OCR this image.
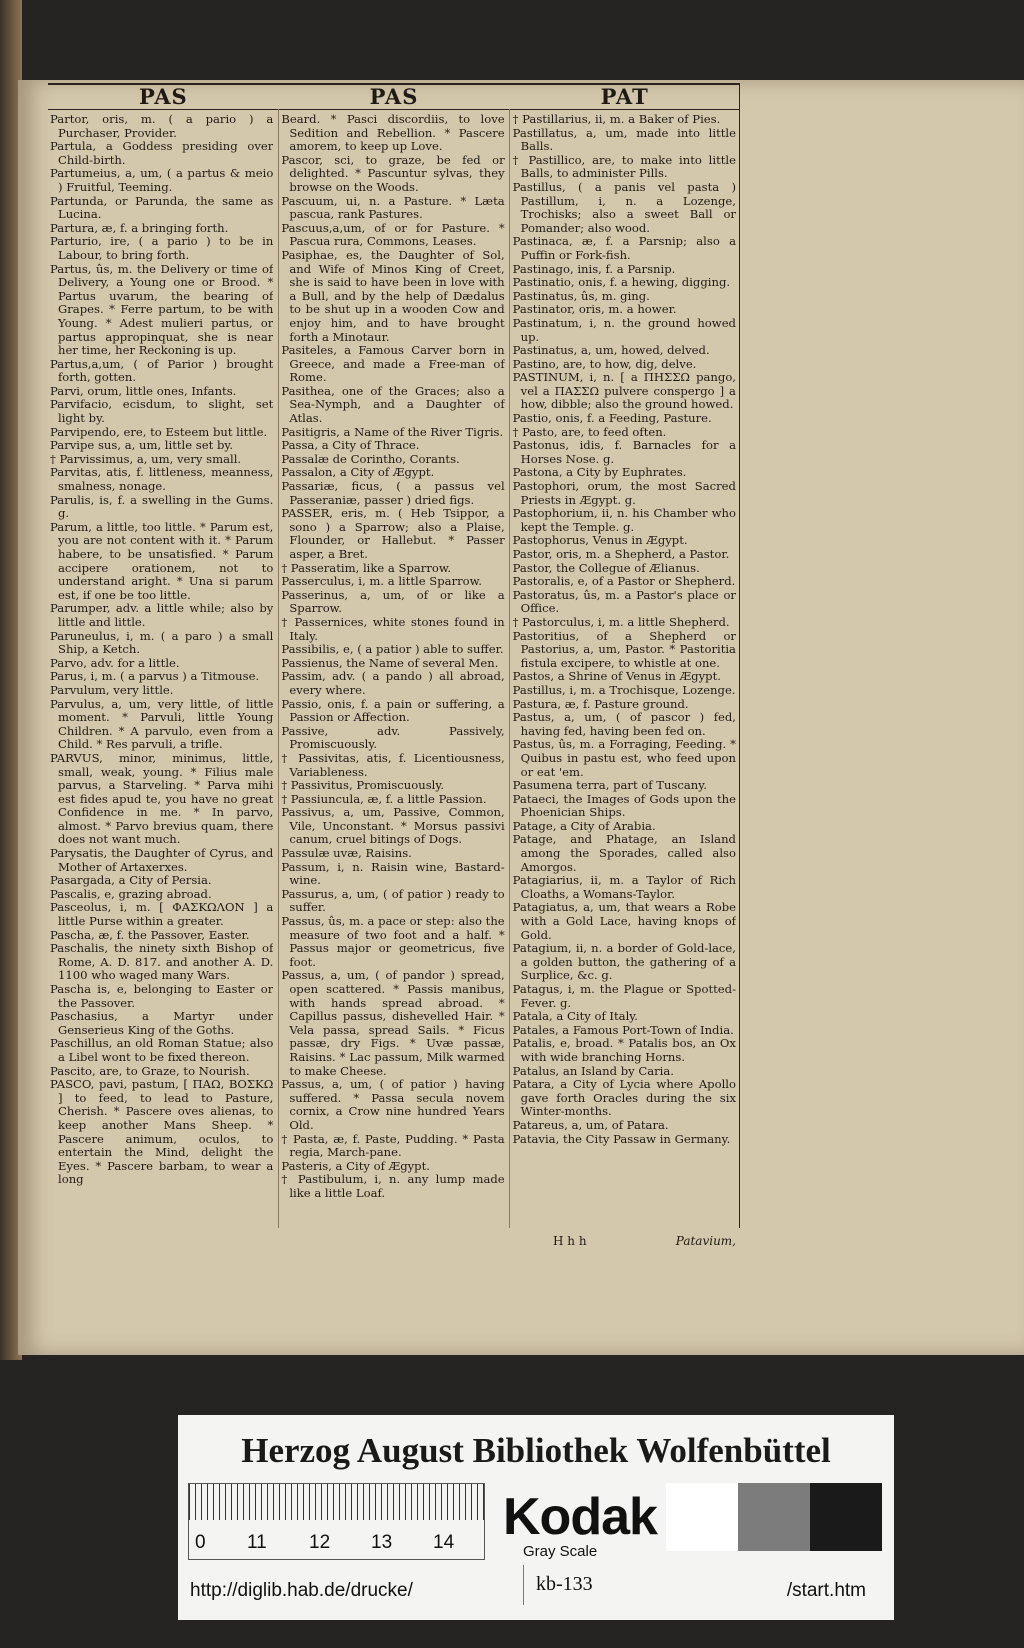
PAS	PAS	PAT

Partor, oris, m. ( a pario ) a Purchaser, Provider.

Partula, a Goddess presiding over Child-birth.

Partumeius, a, um, ( a partus & meio ) Fruitful, Teeming.

Partunda, or Parunda, the same as Lucina.

Partura, æ, f. a bringing forth.

Parturio, ire, ( a pario ) to be in Labour, to bring forth.

Partus, ûs, m. the Delivery or time of Delivery, a Young one or Brood. * Partus uvarum, the bearing of Grapes. * Ferre partum, to be with Young. * Adest mulieri partus, or partus appropinquat, she is near her time, her Reckoning is up.

Partus,a,um, ( of Parior ) brought forth, gotten.

Parvi, orum, little ones, Infants.

Parvifacio, ecisdum, to slight, set light by.

Parvipendo, ere, to Esteem but little.

Parvipe sus, a, um, little set by.

† Parvissimus, a, um, very small.

Parvitas, atis, f. littleness, meanness, smalness, nonage.

Parulis, is, f. a swelling in the Gums. g.

Parum, a little, too little. * Parum est, you are not content with it. * Parum habere, to be unsatisfied. * Parum accipere orationem, not to understand aright. * Una si parum est, if one be too little.

Parumper, adv. a little while; also by little and little.

Paruneulus, i, m. ( a paro ) a small Ship, a Ketch.

Parvo, adv. for a little.

Parus, i, m. ( a parvus ) a Titmouse.

Parvulum, very little.

Parvulus, a, um, very little, of little moment. * Parvuli, little Young Children. * A parvulo, even from a Child. * Res parvuli, a trifle.

PARVUS, minor, minimus, little, small, weak, young. * Filius male parvus, a Starveling. * Parva mihi est fides apud te, you have no great Confidence in me. * In parvo, almost. * Parvo brevius quam, there does not want much.

Parysatis, the Daughter of Cyrus, and Mother of Artaxerxes.

Pasargada, a City of Persia.

Pascalis, e, grazing abroad.

Pasceolus, i, m. [ ΦΑΣΚΩΛΟΝ ] a little Purse within a greater.

Pascha, æ, f. the Passover, Easter.

Paschalis, the ninety sixth Bishop of Rome, A. D. 817. and another A. D. 1100 who waged many Wars.

Pascha is, e, belonging to Easter or the Passover.

Paschasius, a Martyr under Genserieus King of the Goths.

Paschillus, an old Roman Statue; also a Libel wont to be fixed thereon.

Pascito, are, to Graze, to Nourish.

PASCO, pavi, pastum, [ ΠΑΩ, ΒΟΣΚΩ ] to feed, to lead to Pasture, Cherish. * Pascere oves alienas, to keep another Mans Sheep. * Pascere animum, oculos, to entertain the Mind, delight the Eyes. * Pascere barbam, to wear a long

Beard. * Pasci discordiis, to love Sedition and Rebellion. * Pascere amorem, to keep up Love.

Pascor, sci, to graze, be fed or delighted. * Pascuntur sylvas, they browse on the Woods.

Pascuum, ui, n. a Pasture. * Læta pascua, rank Pastures.

Pascuus,a,um, of or for Pasture. * Pascua rura, Commons, Leases.

Pasiphae, es, the Daughter of Sol, and Wife of Minos King of Creet, she is said to have been in love with a Bull, and by the help of Dædalus to be shut up in a wooden Cow and enjoy him, and to have brought forth a Minotaur.

Pasiteles, a Famous Carver born in Greece, and made a Free-man of Rome.

Pasithea, one of the Graces; also a Sea-Nymph, and a Daughter of Atlas.

Pasitigris, a Name of the River Tigris.

Passa, a City of Thrace.

Passalæ de Corintho, Corants.

Passalon, a City of Ægypt.

Passariæ, ficus, ( a passus vel Passeraniæ, passer ) dried figs.

PASSER, eris, m. ( Heb Tsippor, a sono ) a Sparrow; also a Plaise, Flounder, or Hallebut. * Passer asper, a Bret.

† Passeratim, like a Sparrow.

Passerculus, i, m. a little Sparrow.

Passerinus, a, um, of or like a Sparrow.

† Passernices, white stones found in Italy.

Passibilis, e, ( a patior ) able to suffer.

Passienus, the Name of several Men.

Passim, adv. ( a pando ) all abroad, every where.

Passio, onis, f. a pain or suffering, a Passion or Affection.

Passive, adv. Passively, Promiscuously.

† Passivitas, atis, f. Licentiousness, Variableness.

† Passivitus, Promiscuously.

† Passiuncula, æ, f. a little Passion.

Passivus, a, um, Passive, Common, Vile, Unconstant. * Morsus passivi canum, cruel bitings of Dogs.

Passulæ uvæ, Raisins.

Passum, i, n. Raisin wine, Bastard-wine.

Passurus, a, um, ( of patior ) ready to suffer.

Passus, ûs, m. a pace or step: also the measure of two foot and a half. * Passus major or geometricus, five foot.

Passus, a, um, ( of pandor ) spread, open scattered. * Passis manibus, with hands spread abroad. * Capillus passus, dishevelled Hair. * Vela passa, spread Sails. * Ficus passæ, dry Figs. * Uvæ passæ, Raisins. * Lac passum, Milk warmed to make Cheese.

Passus, a, um, ( of patior ) having suffered. * Passa secula novem cornix, a Crow nine hundred Years Old.

† Pasta, æ, f. Paste, Pudding. * Pasta regia, March-pane.

Pasteris, a City of Ægypt.

† Pastibulum, i, n. any lump made like a little Loaf.

† Pastillarius, ii, m. a Baker of Pies.

Pastillatus, a, um, made into little Balls.

† Pastillico, are, to make into little Balls, to administer Pills.

Pastillus, ( a panis vel pasta ) Pastillum, i, n. a Lozenge, Trochisks; also a sweet Ball or Pomander; also wood.

Pastinaca, æ, f. a Parsnip; also a Puffin or Fork-fish.

Pastinago, inis, f. a Parsnip.

Pastinatio, onis, f. a hewing, digging.

Pastinatus, ûs, m. ging.

Pastinator, oris, m. a hower.

Pastinatum, i, n. the ground howed up.

Pastinatus, a, um, howed, delved.

Pastino, are, to how, dig, delve.

PASTINUM, i, n. [ a ΠΗΣΣΩ pango, vel a ΠΑΣΣΩ pulvere conspergo ] a how, dibble; also the ground howed.

Pastio, onis, f. a Feeding, Pasture.

† Pasto, are, to feed often.

Pastonus, idis, f. Barnacles for a Horses Nose. g.

Pastona, a City by Euphrates.

Pastophori, orum, the most Sacred Priests in Ægypt. g.

Pastophorium, ii, n. his Chamber who kept the Temple. g.

Pastophorus, Venus in Ægypt.

Pastor, oris, m. a Shepherd, a Pastor.

Pastor, the Collegue of Ælianus.

Pastoralis, e, of a Pastor or Shepherd.

Pastoratus, ûs, m. a Pastor's place or Office.

† Pastorculus, i, m. a little Shepherd.

Pastoritius, of a Shepherd or Pastorius, a, um, Pastor. * Pastoritia fistula excipere, to whistle at one.

Pastos, a Shrine of Venus in Ægypt.

Pastillus, i, m. a Trochisque, Lozenge.

Pastura, æ, f. Pasture ground.

Pastus, a, um, ( of pascor ) fed, having fed, having been fed on.

Pastus, ûs, m. a Forraging, Feeding. * Quibus in pastu est, who feed upon or eat 'em.

Pasumena terra, part of Tuscany.

Pataeci, the Images of Gods upon the Phoenician Ships.

Patage, a City of Arabia.

Patage, and Phatage, an Island among the Sporades, called also Amorgos.

Patagiarius, ii, m. a Taylor of Rich Cloaths, a Womans-Taylor.

Patagiatus, a, um, that wears a Robe with a Gold Lace, having knops of Gold.

Patagium, ii, n. a border of Gold-lace, a golden button, the gathering of a Surplice, &c. g.

Patagus, i, m. the Plague or Spotted-Fever. g.

Patala, a City of Italy.

Patales, a Famous Port-Town of India.

Patalis, e, broad. * Patalis bos, an Ox with wide branching Horns.

Patalus, an Island by Caria.

Patara, a City of Lycia where Apollo gave forth Oracles during the six Winter-months.

Patareus, a, um, of Patara.

Patavia, the City Passaw in Germany.

H h h	Patavium,
Herzog August Bibliothek Wolfenbüttel
0 11 12 13 14 Kodak
Gray Scale
http://diglib.hab.de/drucke/	kb-133	/start.htm
